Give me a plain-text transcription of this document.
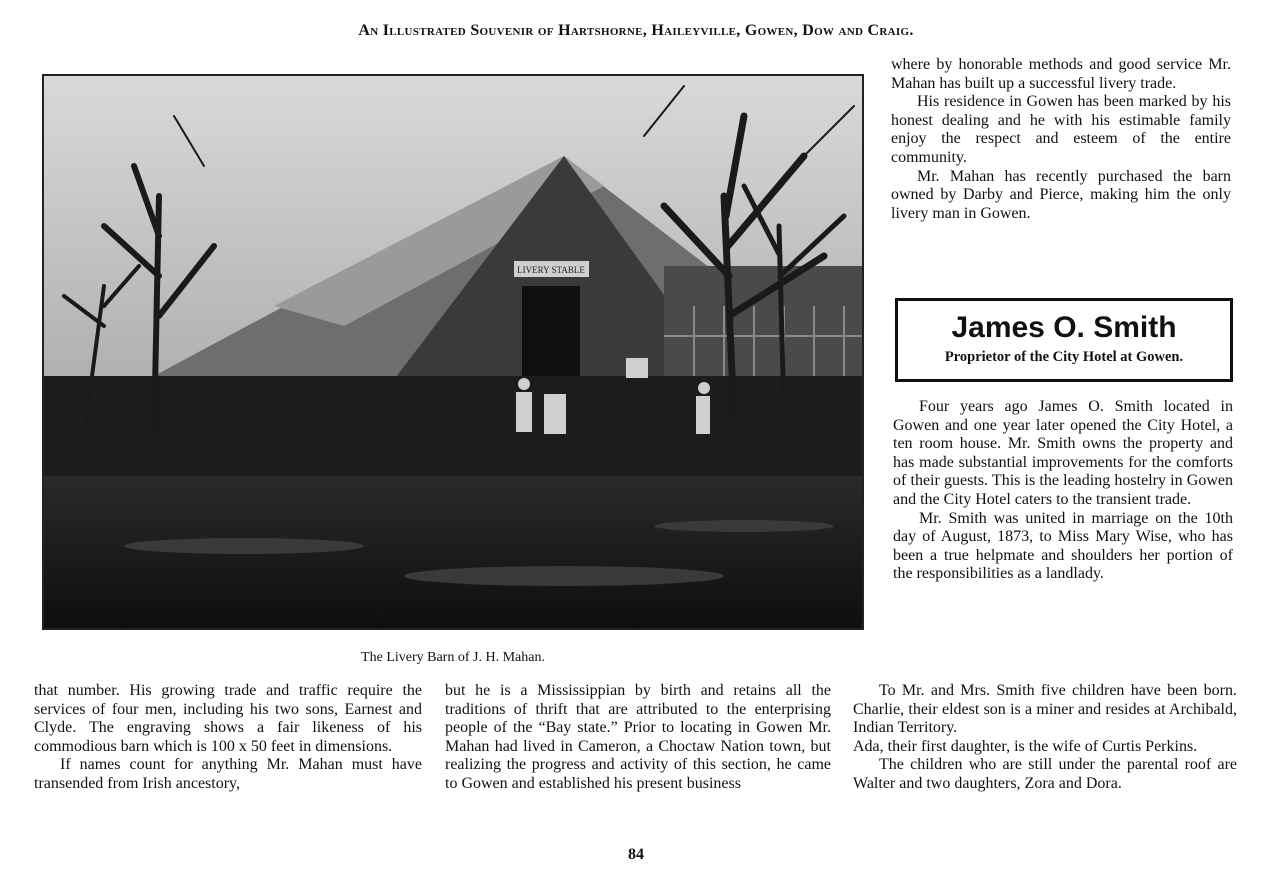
An Illustrated Souvenir of Hartshorne, Haileyville, Gowen, Dow and Craig.
LIVERY STABLE
The Livery Barn of J. H. Mahan.

that number. His growing trade and traffic require the services of four men, including his two sons, Earnest and Clyde. The engraving shows a fair likeness of his commodious barn which is 100 x 50 feet in dimensions.

If names count for anything Mr. Mahan must have transended from Irish ancestory,

but he is a Mississippian by birth and retains all the traditions of thrift that are attributed to the enterprising people of the “Bay state.” Prior to locating in Gowen Mr. Mahan had lived in Cameron, a Choctaw Nation town, but realizing the progress and activity of this section, he came to Gowen and established his present business

where by honorable methods and good service Mr. Mahan has built up a successful livery trade.

His residence in Gowen has been marked by his honest dealing and he with his estimable family enjoy the respect and esteem of the entire community.

Mr. Mahan has recently purchased the barn owned by Darby and Pierce, making him the only livery man in Gowen.

James O. Smith
Proprietor of the City Hotel at Gowen.

Four years ago James O. Smith located in Gowen and one year later opened the City Hotel, a ten room house. Mr. Smith owns the property and has made substantial improvements for the comforts of their guests. This is the leading hostelry in Gowen and the City Hotel caters to the transient trade.

Mr. Smith was united in marriage on the 10th day of August, 1873, to Miss Mary Wise, who has been a true helpmate and shoulders her portion of the responsibilities as a landlady.

To Mr. and Mrs. Smith five children have been born. Charlie, their eldest son is a miner and resides at Archibald, Indian Territory.

Ada, their first daughter, is the wife of Curtis Perkins.

The children who are still under the parental roof are Walter and two daughters, Zora and Dora.

84
